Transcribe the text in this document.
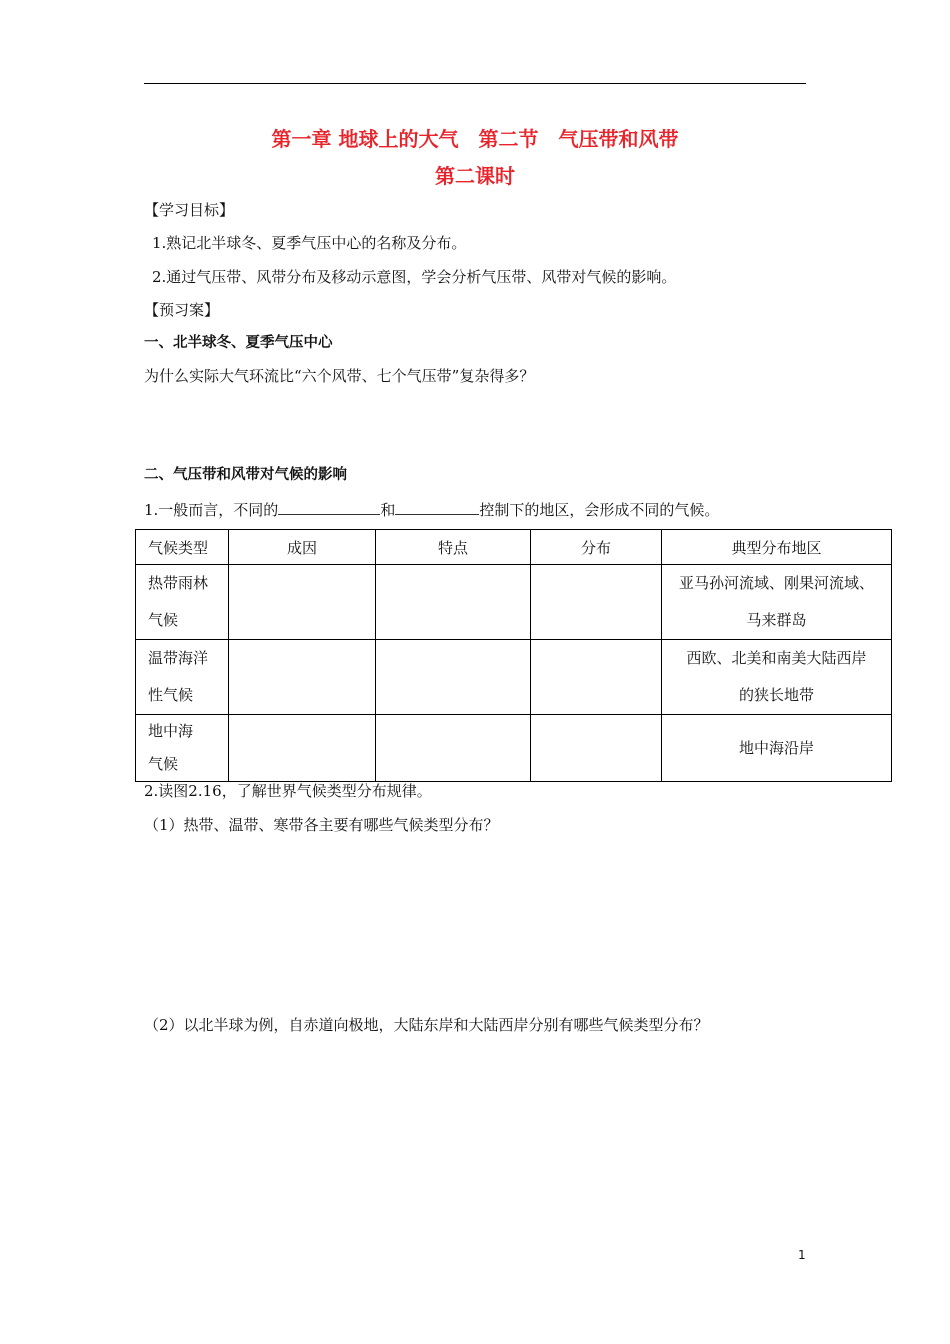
第一章 地球上的大气　第二节　气压带和风带
第二课时
【学习目标】
1.熟记北半球冬、夏季气压中心的名称及分布。
2.通过气压带、风带分布及移动示意图，学会分析气压带、风带对气候的影响。
【预习案】
一、北半球冬、夏季气压中心
为什么实际大气环流比“六个风带、七个气压带”复杂得多？
二、气压带和风带对气候的影响
1.一般而言，不同的	和	控制下的地区，会形成不同的气候。
气候类型	成因	特点	分布	典型分布地区
热带雨林
气候				亚马孙河流域、刚果河流域、
马来群岛
温带海洋
性气候				西欧、北美和南美大陆西岸
的狭长地带
地中海
气候				地中海沿岸
2.读图2.16，了解世界气候类型分布规律。
（1）热带、温带、寒带各主要有哪些气候类型分布？
（2）以北半球为例，自赤道向极地，大陆东岸和大陆西岸分别有哪些气候类型分布？
1
